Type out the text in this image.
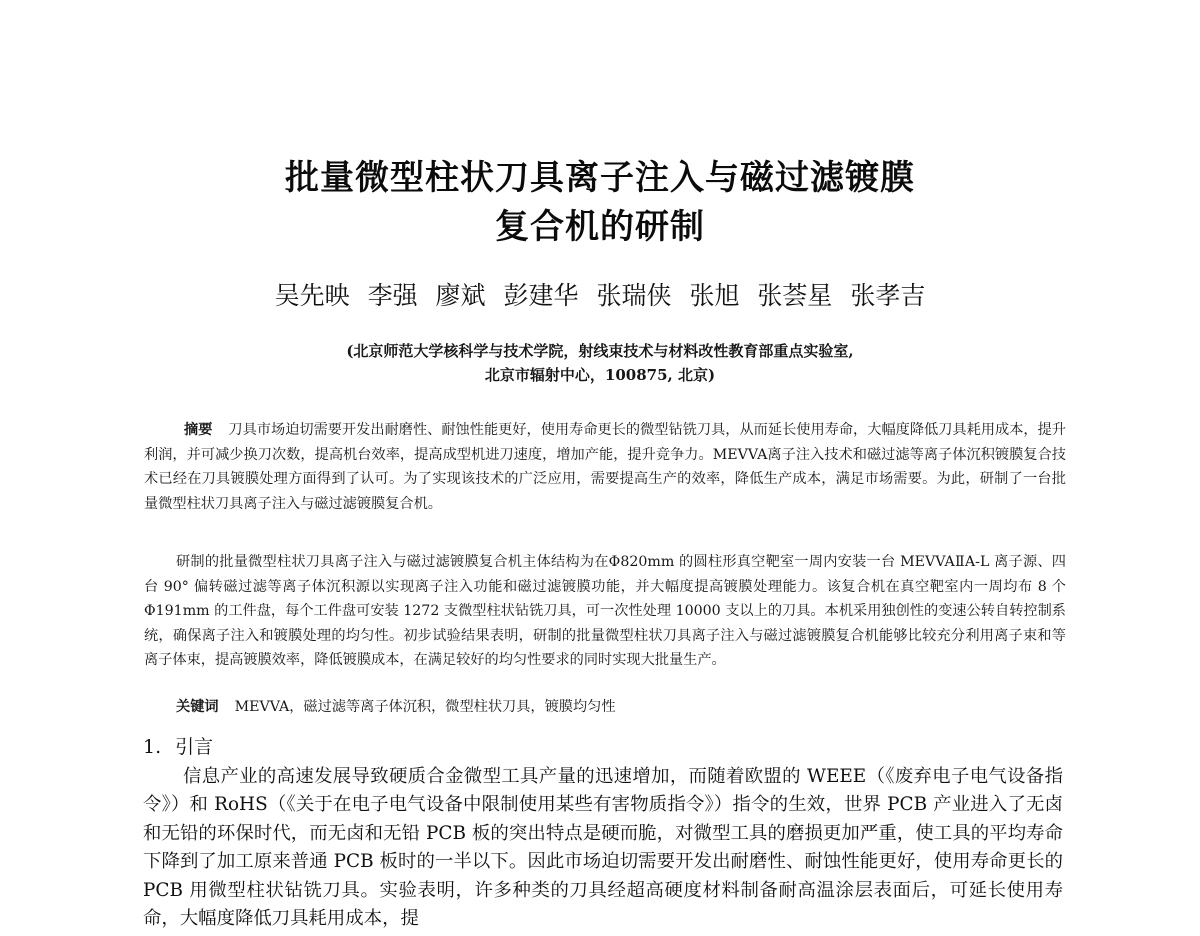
批量微型柱状刀具离子注入与磁过滤镀膜
复合机的研制
吴先映 李强 廖斌 彭建华 张瑞侠 张旭 张荟星 张孝吉
(北京师范大学核科学与技术学院，射线束技术与材料改性教育部重点实验室,
北京市辐射中心，100875, 北京)
摘要 刀具市场迫切需要开发出耐磨性、耐蚀性能更好，使用寿命更长的微型钻铣刀具，从而延长使用寿命，大幅度降低刀具耗用成本，提升利润，并可减少换刀次数，提高机台效率，提高成型机进刀速度，增加产能，提升竞争力。MEVVA离子注入技术和磁过滤等离子体沉积镀膜复合技术已经在刀具镀膜处理方面得到了认可。为了实现该技术的广泛应用，需要提高生产的效率，降低生产成本，满足市场需要。为此，研制了一台批量微型柱状刀具离子注入与磁过滤镀膜复合机。
研制的批量微型柱状刀具离子注入与磁过滤镀膜复合机主体结构为在Φ820mm 的圆柱形真空靶室一周内安装一台 MEVVAⅡA-L 离子源、四台 90° 偏转磁过滤等离子体沉积源以实现离子注入功能和磁过滤镀膜功能，并大幅度提高镀膜处理能力。该复合机在真空靶室内一周均布 8 个Φ191mm 的工件盘，每个工件盘可安装 1272 支微型柱状钻铣刀具，可一次性处理 10000 支以上的刀具。本机采用独创性的变速公转自转控制系统，确保离子注入和镀膜处理的均匀性。初步试验结果表明，研制的批量微型柱状刀具离子注入与磁过滤镀膜复合机能够比较充分利用离子束和等离子体束，提高镀膜效率，降低镀膜成本，在满足较好的均匀性要求的同时实现大批量生产。
关键词 MEVVA，磁过滤等离子体沉积，微型柱状刀具，镀膜均匀性
1. 引言
信息产业的高速发展导致硬质合金微型工具产量的迅速增加，而随着欧盟的 WEEE（《废弃电子电气设备指令》）和 RoHS（《关于在电子电气设备中限制使用某些有害物质指令》）指令的生效，世界 PCB 产业进入了无卤和无铅的环保时代，而无卤和无铅 PCB 板的突出特点是硬而脆，对微型工具的磨损更加严重，使工具的平均寿命下降到了加工原来普通 PCB 板时的一半以下。因此市场迫切需要开发出耐磨性、耐蚀性能更好，使用寿命更长的 PCB 用微型柱状钻铣刀具。实验表明，许多种类的刀具经超高硬度材料制备耐高温涂层表面后，可延长使用寿命，大幅度降低刀具耗用成本，提
